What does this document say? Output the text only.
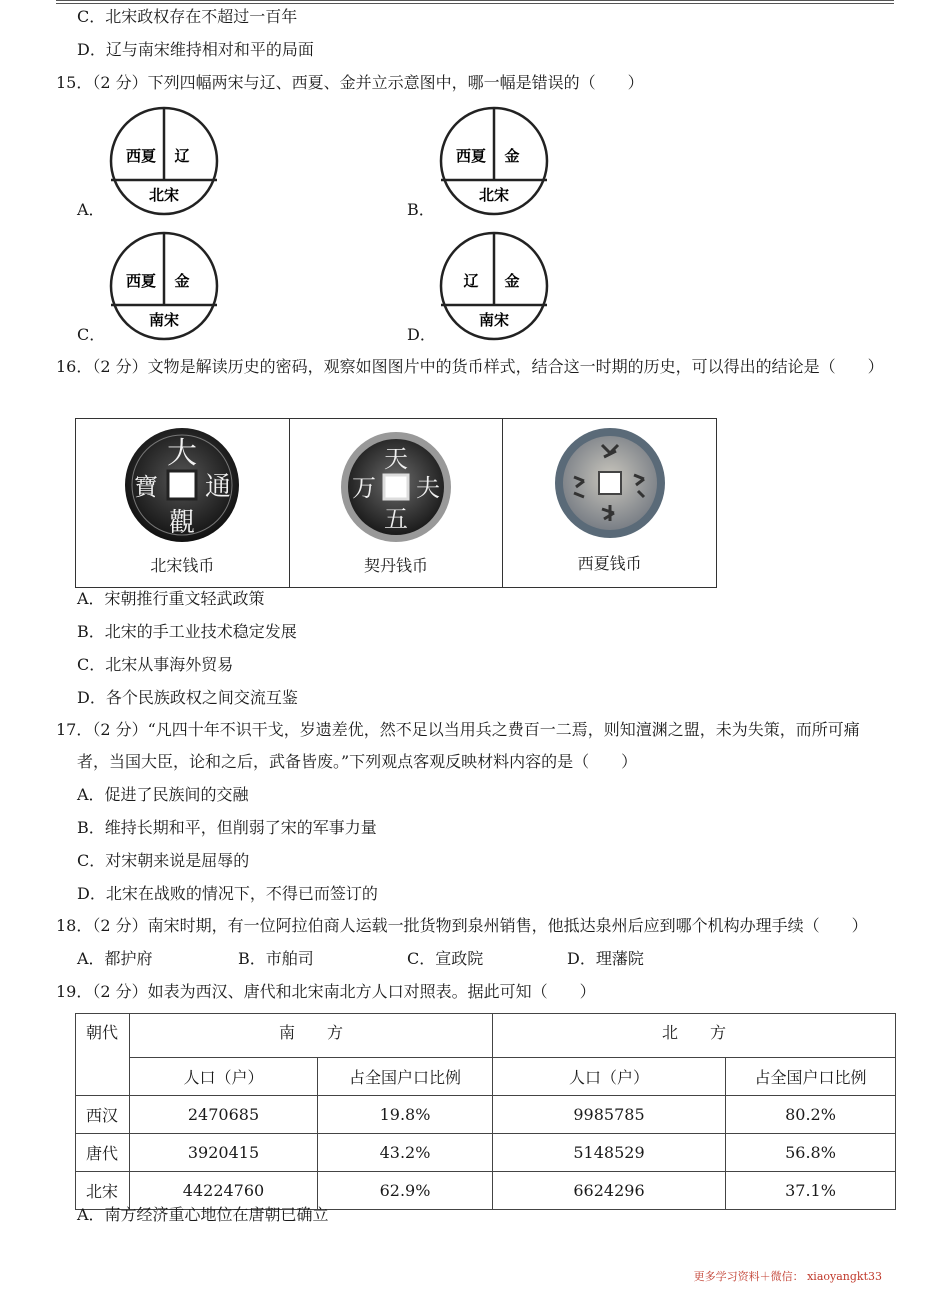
C．北宋政权存在不超过一百年
D．辽与南宋维持相对和平的局面
15．（2 分）下列四幅两宋与辽、西夏、金并立示意图中，哪一幅是错误的（　　）
A．
西夏 辽
北宋
B．
西夏 金
北宋
C．
西夏 金
南宋
D．
辽 金
南宋
16．（2 分）文物是解读历史的密码，观察如图图片中的货币样式，结合这一时期的历史，可以得出的结论是（　　）
大
通
觀
寶
北宋钱币
天
夫
五
万
契丹钱币	西夏钱币
A．宋朝推行重文轻武政策
B．北宋的手工业技术稳定发展
C．北宋从事海外贸易
D．各个民族政权之间交流互鉴
17．（2 分）“凡四十年不识干戈，岁遗差优，然不足以当用兵之费百一二焉，则知澶渊之盟，未为失策，而所可痛
者，当国大臣，论和之后，武备皆废。”下列观点客观反映材料内容的是（　　）
A．促进了民族间的交融
B．维持长期和平，但削弱了宋的军事力量
C．对宋朝来说是屈辱的
D．北宋在战败的情况下，不得已而签订的
18．（2 分）南宋时期，有一位阿拉伯商人运载一批货物到泉州销售，他抵达泉州后应到哪个机构办理手续（　　）
A．都护府	B．市舶司	C．宣政院	D．理藩院
19．（2 分）如表为西汉、唐代和北宋南北方人口对照表。据此可知（　　）
朝代	南　　方		北　　方	
	人口（户）	占全国户口比例	人口（户）	占全国户口比例
西汉	2470685	19.8%	9985785	80.2%
唐代	3920415	43.2%	5148529	56.8%
北宋	44224760	62.9%	6624296	37.1%
A．南方经济重心地位在唐朝已确立
更多学习资料＋微信： xiaoyangkt33
